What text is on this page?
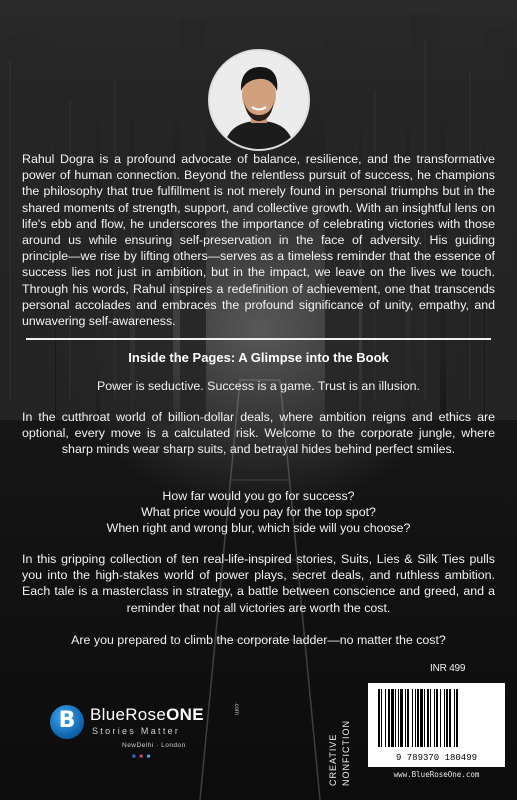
Rahul Dogra is a profound advocate of balance, resilience, and the transformative power of human connection. Beyond the relentless pursuit of success, he champions the philosophy that true fulfillment is not merely found in personal triumphs but in the shared moments of strength, support, and collective growth. With an insightful lens on life's ebb and flow, he underscores the importance of celebrating victories with those around us while ensuring self-preservation in the face of adversity. His guiding principle—we rise by lifting others—serves as a timeless reminder that the essence of success lies not just in ambition, but in the impact, we leave on the lives we touch. Through his words, Rahul inspires a redefinition of achievement, one that transcends personal accolades and embraces the profound significance of unity, empathy, and unwavering self-awareness.

Inside the Pages: A Glimpse into the Book

Power is seductive. Success is a game. Trust is an illusion.

In the cutthroat world of billion-dollar deals, where ambition reigns and ethics are optional, every move is a calculated risk. Welcome to the corporate jungle, where sharp minds wear sharp suits, and betrayal hides behind perfect smiles.

How far would you go for success?

What price would you pay for the top spot?

When right and wrong blur, which side will you choose?

In this gripping collection of ten real-life-inspired stories, Suits, Lies & Silk Ties pulls you into the high-stakes world of power plays, secret deals, and ruthless ambition. Each tale is a masterclass in strategy, a battle between conscience and greed, and a reminder that not all victories are worth the cost.

Are you prepared to climb the corporate ladder—no matter the cost?

B BlueRoseONE	.com
Stories Matter
NewDelhi · London
■ ■ ■	CREATIVE NONFICTION
INR 499
9 789370 180499
www.BlueRoseOne.com
